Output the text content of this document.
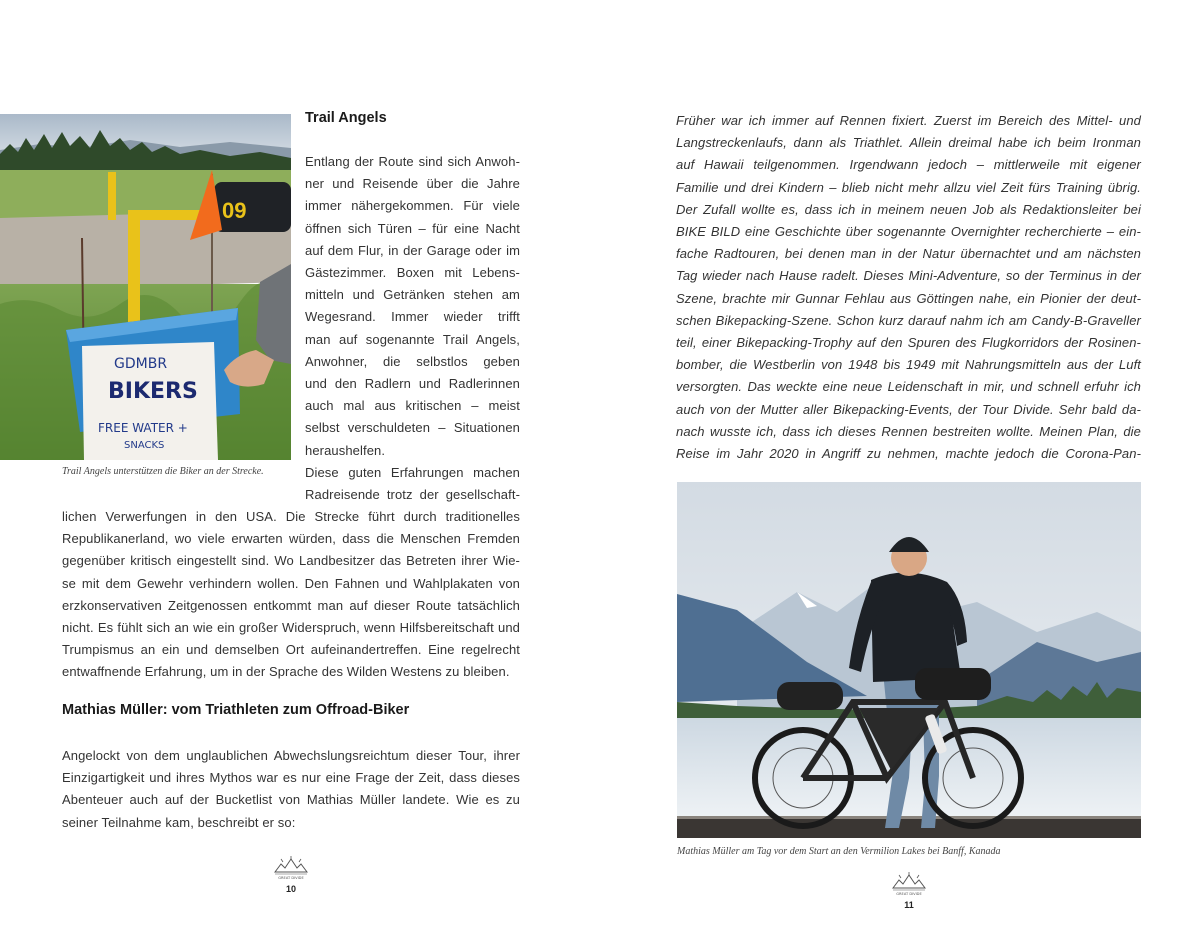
09
GDMBR
BIKERS
FREE WATER +
SNACKS
Trail Angels unterstützen die Biker an der Strecke.
Trail Angels
Entlang der Route sind sich Anwoh-
ner und Reisende über die Jahre
immer nähergekommen. Für viele
öffnen sich Türen – für eine Nacht
auf dem Flur, in der Garage oder im
Gästezimmer. Boxen mit Lebens-
mitteln und Getränken stehen am
Wegesrand. Immer wieder trifft
man auf sogenannte Trail Angels,
Anwohner, die selbstlos geben
und den Radlern und Radlerinnen
auch mal aus kritischen – meist
selbst verschuldeten – Situationen
heraushelfen.
Diese guten Erfahrungen machen
Radreisende trotz der gesellschaft-
lichen Verwerfungen in den USA. Die Strecke führt durch traditionelles
Republikanerland, wo viele erwarten würden, dass die Menschen Fremden
gegenüber kritisch eingestellt sind. Wo Landbesitzer das Betreten ihrer Wie-
se mit dem Gewehr verhindern wollen. Den Fahnen und Wahlplakaten von
erzkonservativen Zeitgenossen entkommt man auf dieser Route tatsächlich
nicht. Es fühlt sich an wie ein großer Widerspruch, wenn Hilfsbereitschaft und
Trumpismus an ein und demselben Ort aufeinandertreffen. Eine regelrecht
entwaffnende Erfahrung, um in der Sprache des Wilden Westens zu bleiben.
Mathias Müller: vom Triathleten zum Offroad-Biker
Angelockt von dem unglaublichen Abwechslungsreichtum dieser Tour, ihrer
Einzigartigkeit und ihres Mythos war es nur eine Frage der Zeit, dass dieses
Abenteuer auch auf der Bucketlist von Mathias Müller landete. Wie es zu
seiner Teilnahme kam, beschreibt er so:
GREAT DIVIDE
10
Früher war ich immer auf Rennen fixiert. Zuerst im Bereich des Mittel- und
Langstreckenlaufs, dann als Triathlet. Allein dreimal habe ich beim Ironman
auf Hawaii teilgenommen. Irgendwann jedoch – mittlerweile mit eigener
Familie und drei Kindern – blieb nicht mehr allzu viel Zeit fürs Training übrig.
Der Zufall wollte es, dass ich in meinem neuen Job als Redaktionsleiter bei
BIKE BILD eine Geschichte über sogenannte Overnighter recherchierte – ein-
fache Radtouren, bei denen man in der Natur übernachtet und am nächsten
Tag wieder nach Hause radelt. Dieses Mini-Adventure, so der Terminus in der
Szene, brachte mir Gunnar Fehlau aus Göttingen nahe, ein Pionier der deut-
schen Bikepacking-Szene. Schon kurz darauf nahm ich am Candy-B-Graveller
teil, einer Bikepacking-Trophy auf den Spuren des Flugkorridors der Rosinen-
bomber, die Westberlin von 1948 bis 1949 mit Nahrungsmitteln aus der Luft
versorgten. Das weckte eine neue Leidenschaft in mir, und schnell erfuhr ich
auch von der Mutter aller Bikepacking-Events, der Tour Divide. Sehr bald da-
nach wusste ich, dass ich dieses Rennen bestreiten wollte. Meinen Plan, die
Reise im Jahr 2020 in Angriff zu nehmen, machte jedoch die Corona-Pan-
Mathias Müller am Tag vor dem Start an den Vermilion Lakes bei Banff, Kanada
GREAT DIVIDE
11
